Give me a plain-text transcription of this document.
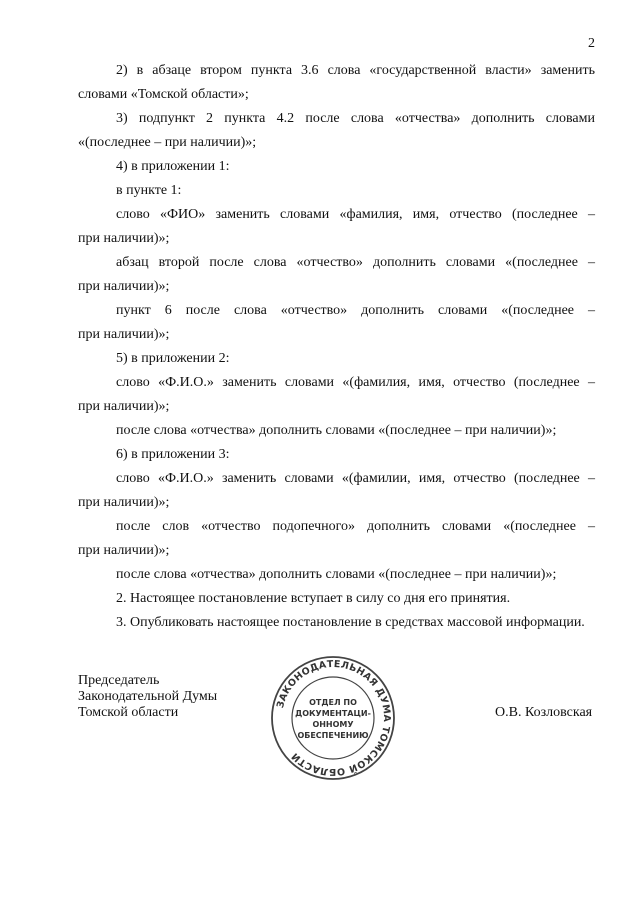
2
2) в абзаце втором пункта 3.6 слова «государственной власти» заменить
словами «Томской области»;
3) подпункт 2 пункта 4.2 после слова «отчества» дополнить словами
«(последнее – при наличии)»;
4) в приложении 1:
в пункте 1:
слово «ФИО» заменить словами «фамилия, имя, отчество (последнее –
при наличии)»;
абзац второй после слова «отчество» дополнить словами «(последнее –
при наличии)»;
пункт 6 после слова «отчество» дополнить словами «(последнее –
при наличии)»;
5) в приложении 2:
слово «Ф.И.О.» заменить словами «(фамилия, имя, отчество (последнее –
при наличии)»;
после слова «отчества» дополнить словами «(последнее – при наличии)»;
6) в приложении 3:
слово «Ф.И.О.» заменить словами «(фамилии, имя, отчество (последнее –
при наличии)»;
после слов «отчество подопечного» дополнить словами «(последнее –
при наличии)»;
после слова «отчества» дополнить словами «(последнее – при наличии)»;
2. Настоящее постановление вступает в силу со дня его принятия.
3. Опубликовать настоящее постановление в средствах массовой информации.
Председатель
Законодательной Думы
Томской области	О.В. Козловская
ЗАКОНОДАТЕЛЬНАЯ ДУМА ТОМСКОЙ ОБЛАСТИ
ОТДЕЛ ПО
ДОКУМЕНТАЦИ-
ОННОМУ
ОБЕСПЕЧЕНИЮ
